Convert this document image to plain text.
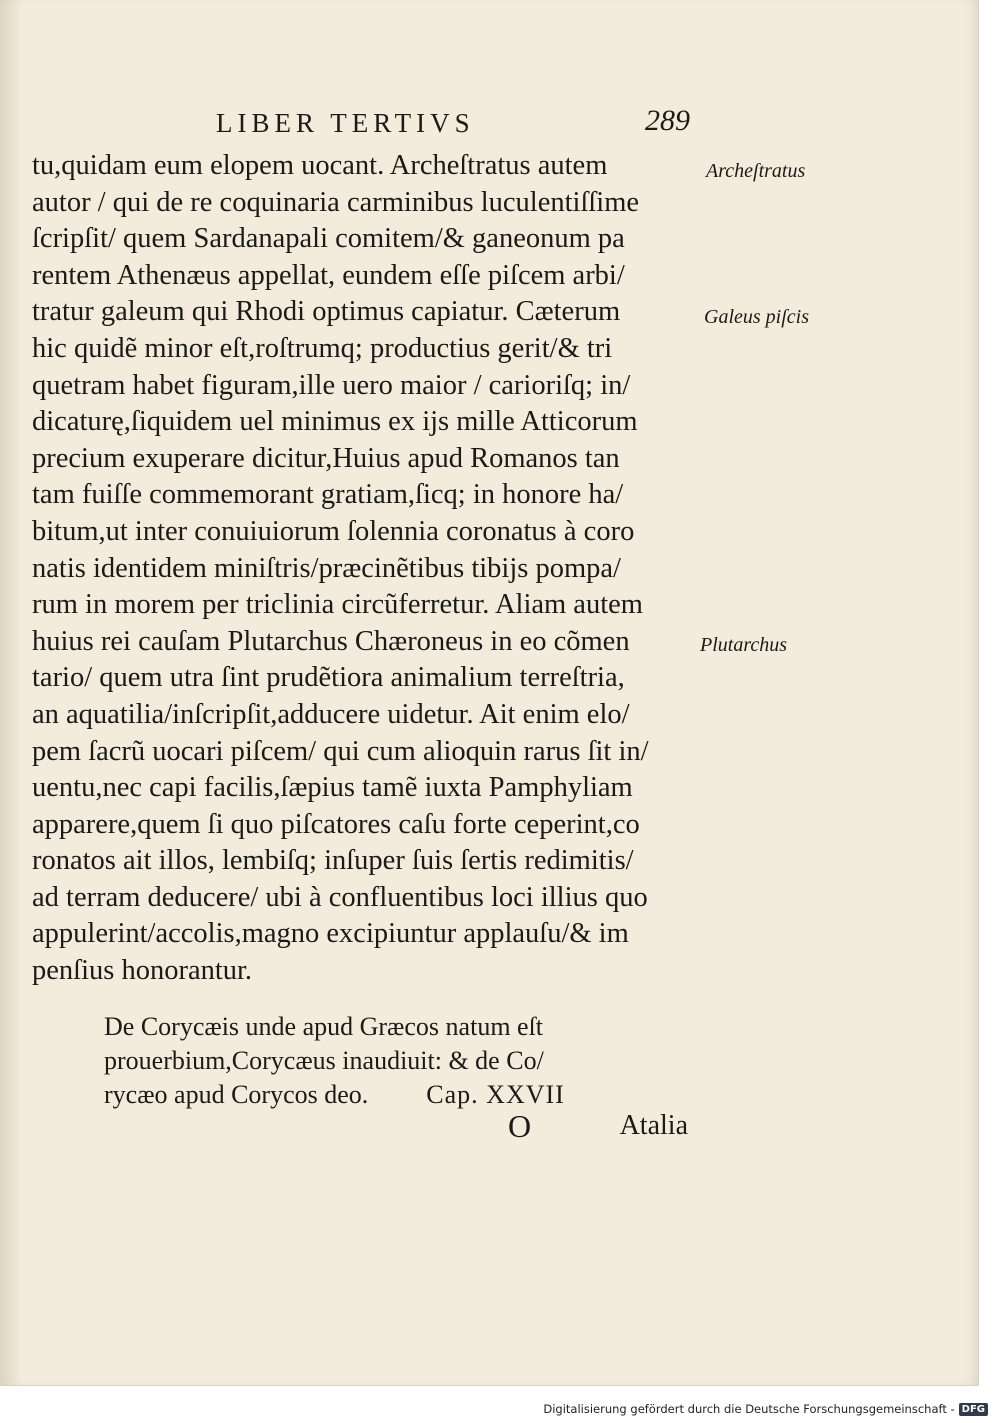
LIBER TERTIVS	289
tu,quidam eum elopem uocant. Archeſtratus autem
autor / qui de re coquinaria carminibus luculentiſſime
ſcripſit/ quem Sardanapali comitem/& ganeonum pa
rentem Athenæus appellat, eundem eſſe piſcem arbi/
tratur galeum qui Rhodi optimus capiatur. Cæterum
hic quidẽ minor eſt,roſtrumq; productius gerit/& tri
quetram habet figuram,ille uero maior / carioriſq; in/
dicaturę,ſiquidem uel minimus ex ijs mille Atticorum
precium exuperare dicitur,Huius apud Romanos tan
tam fuiſſe commemorant gratiam,ſicq; in honore ha/
bitum,ut inter conuiuiorum ſolennia coronatus à coro
natis identidem miniſtris/præcinẽtibus tibijs pompa/
rum in morem per triclinia circũferretur. Aliam autem
huius rei cauſam Plutarchus Chæroneus in eo cõmen
tario/ quem utra ſint prudẽtiora animalium terreſtria,
an aquatilia/inſcripſit,adducere uidetur. Ait enim elo/
pem ſacrũ uocari piſcem/ qui cum alioquin rarus ſit in/
uentu,nec capi facilis,ſæpius tamẽ iuxta Pamphyliam
apparere,quem ſi quo piſcatores caſu forte ceperint,co
ronatos ait illos, lembiſq; inſuper ſuis ſertis redimitis/
ad terram deducere/ ubi à confluentibus loci illius quo
appulerint/accolis,magno excipiuntur applauſu/& im
penſius honorantur.
Archeſtratus
Galeus piſcis
Plutarchus
De Corycæis unde apud Græcos natum eſt
prouerbium,Corycæus inaudiuit: & de Co/
rycæo apud Corycos deo. Cap. XXVII
O	Atalia
Digitalisierung gefördert durch die Deutsche Forschungsgemeinschaft - DFG
